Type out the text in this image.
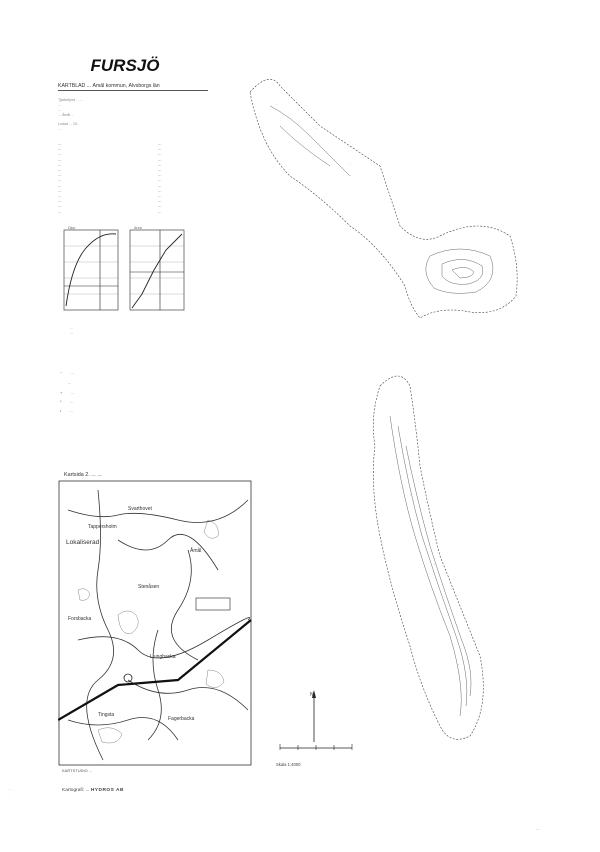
FURSJÖ
KARTBLAD ... Åmål kommun, Älvsborgs län
Tjäderfjord ... ...
...
...
... Åmål ...
Lodad ... 19..
...
...	...
...	...
...	...
...	...
...	...
...	...
...	...
...	...
...	...
...	...
...	...
...	...
...	...
...	...
Djup	Area
...
...
~ ...
...
+ ...
* ...
• ...
Kartsida 2. ... ...
Svarthovet
Tappersholm
Lokaliserad
Stenåsen
Åmål
Forsbacka
Ljungbacka
Fagerbacka
Tingsta
KARTSTUDIO ...
Kartografi: ... HYDROS AB
· · · ·
·
·
·
·
·
·
·
·
N
Skala 1:4000
...
